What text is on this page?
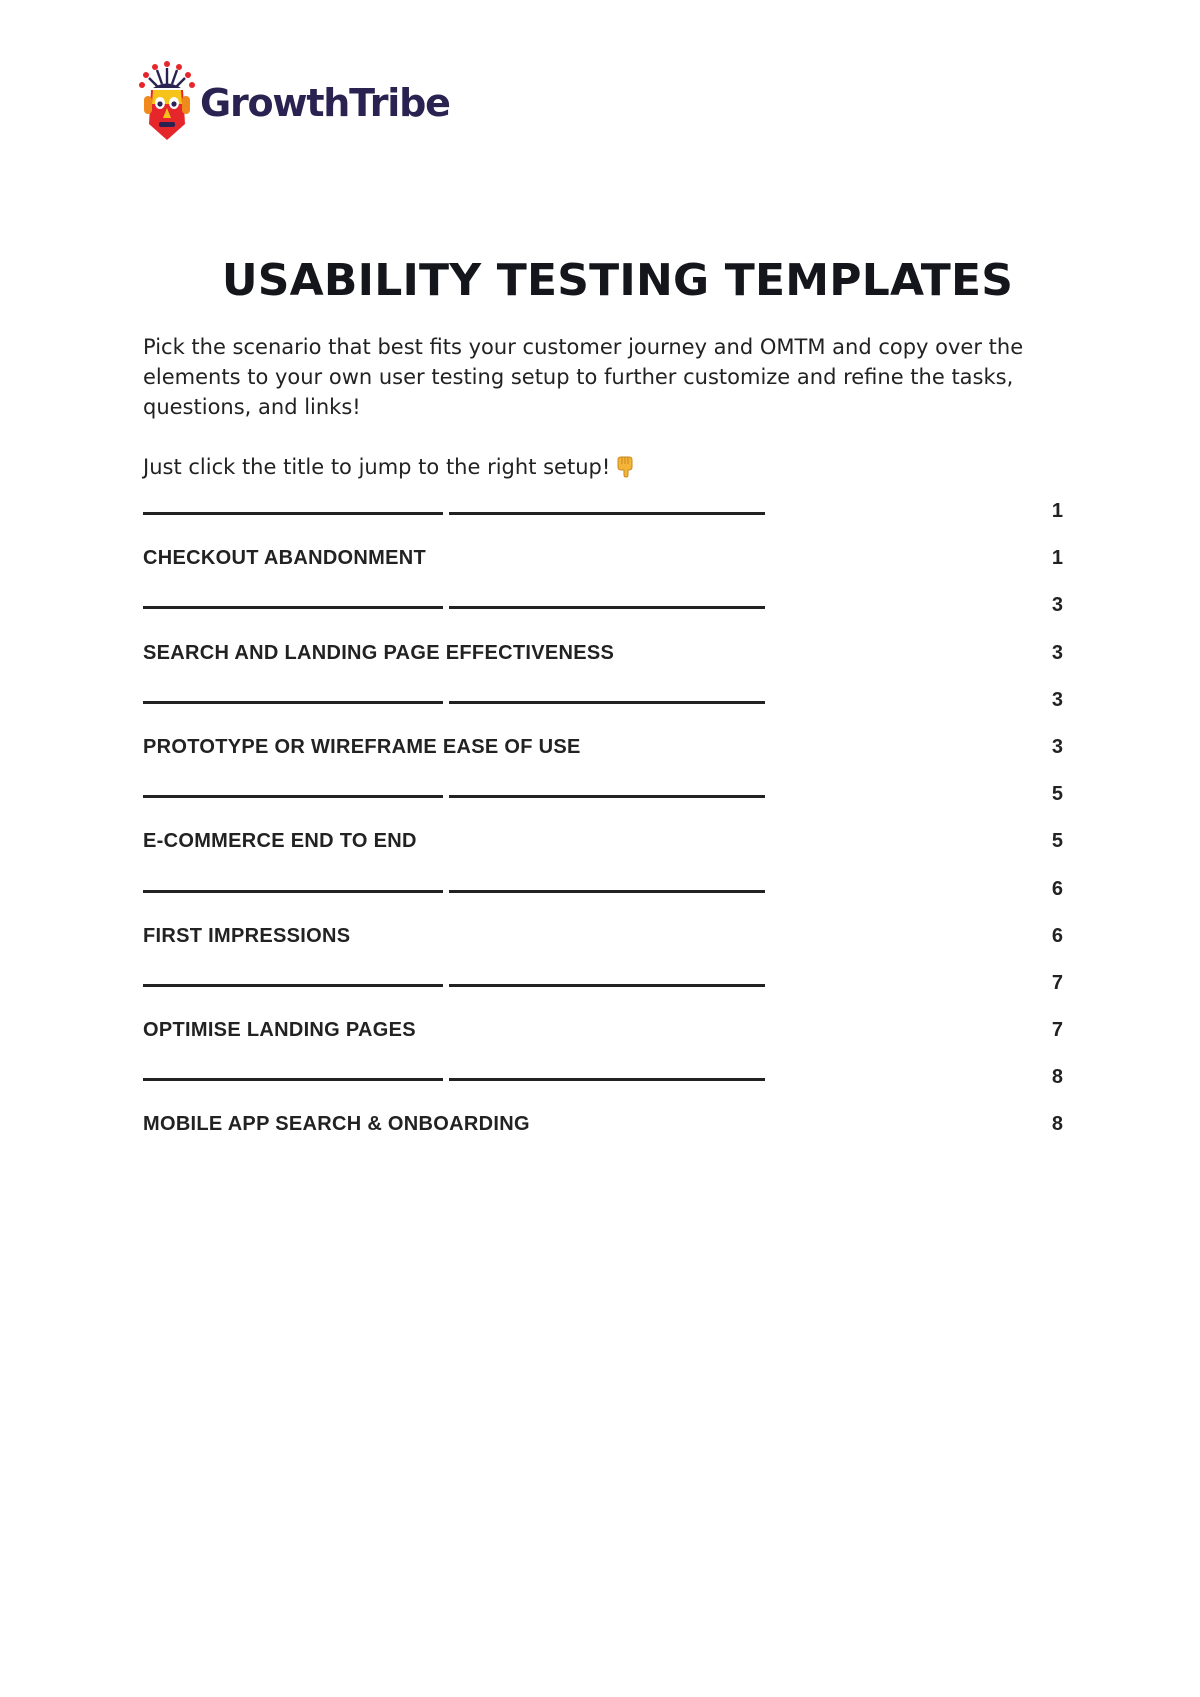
GrowthTribe
USABILITY TESTING TEMPLATES

Pick the scenario that best fits your customer journey and OMTM and copy over the elements to your own user testing setup to further customize and refine the tasks, questions, and links!

Just click the title to jump to the right setup!

1
CHECKOUT ABANDONMENT	1
3
SEARCH AND LANDING PAGE EFFECTIVENESS	3
3
PROTOTYPE OR WIREFRAME EASE OF USE	3
5
E-COMMERCE END TO END	5
6
FIRST IMPRESSIONS	6
7
OPTIMISE LANDING PAGES	7
8
MOBILE APP SEARCH & ONBOARDING	8
